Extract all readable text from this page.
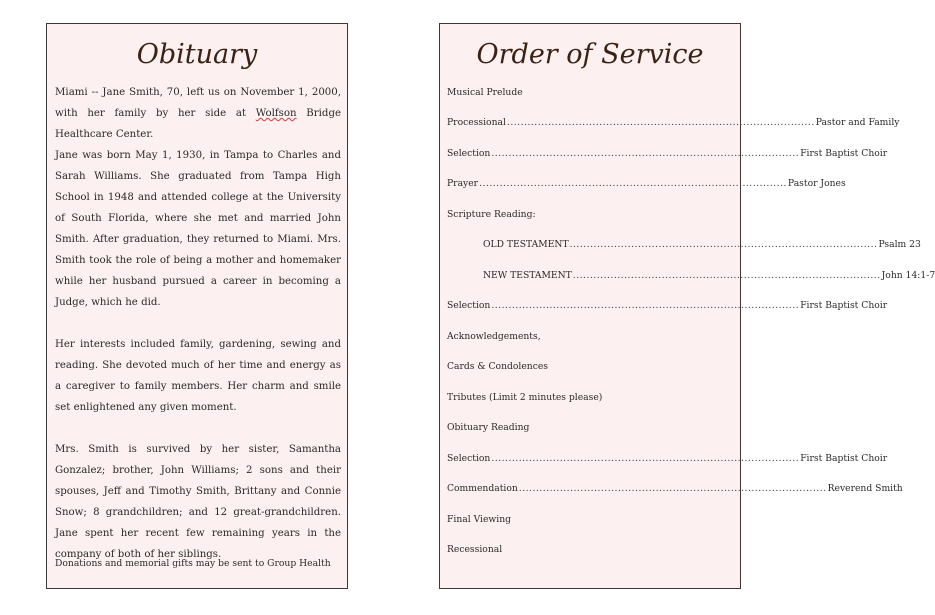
Obituary

Miami -- Jane Smith, 70, left us on November 1, 2000, with her family by her side at Wolfson Bridge Healthcare Center.

Jane was born May 1, 1930, in Tampa to Charles and Sarah Williams. She graduated from Tampa High School in 1948 and attended college at the University of South Florida, where she met and married John Smith. After graduation, they returned to Miami. Mrs. Smith took the role of being a mother and homemaker while her husband pursued a career in becoming a Judge, which he did.

Her interests included family, gardening, sewing and reading. She devoted much of her time and energy as a caregiver to family members. Her charm and smile set enlightened any given moment.

Mrs. Smith is survived by her sister, Samantha Gonzalez; brother, John Williams; 2 sons and their spouses, Jeff and Timothy Smith, Brittany and Connie Snow; 8 grandchildren; and 12 great-grandchildren. Jane spent her recent few remaining years in the company of both of her siblings.

Donations and memorial gifts may be sent to Group Health
Order of Service
Musical Prelude
Processional .......................................................................................... Pastor and Family
Selection .......................................................................................... First Baptist Choir
Prayer .......................................................................................... Pastor Jones
Scripture Reading:
OLD TESTAMENT .......................................................................................... Psalm 23
NEW TESTAMENT .......................................................................................... John 14:1-7
Selection .......................................................................................... First Baptist Choir
Acknowledgements,
Cards & Condolences
Tributes (Limit 2 minutes please)
Obituary Reading
Selection .......................................................................................... First Baptist Choir
Commendation .......................................................................................... Reverend Smith
Final Viewing
Recessional
